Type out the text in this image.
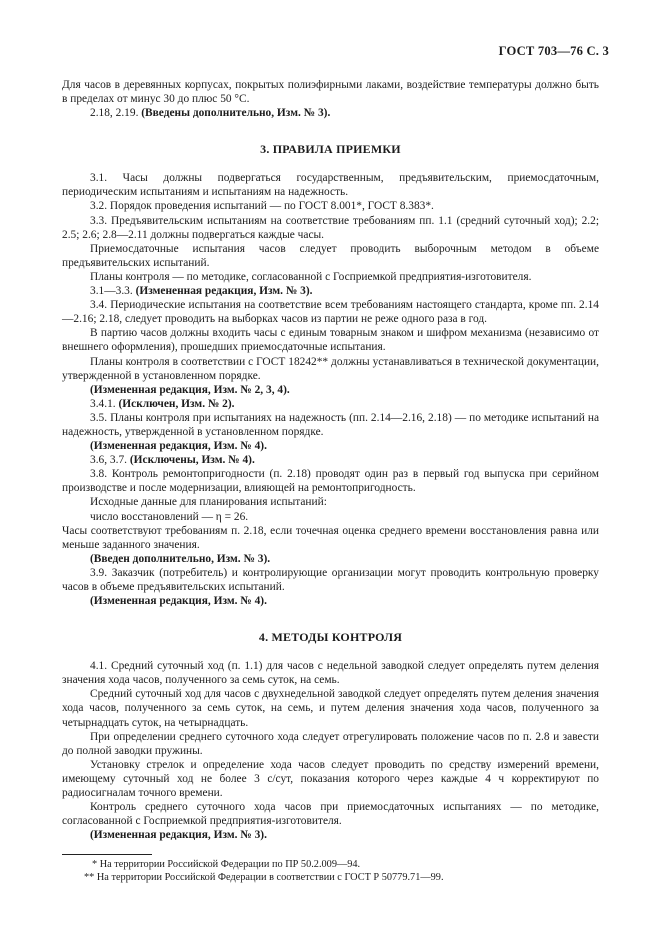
ГОСТ 703—76 С. 3

Для часов в деревянных корпусах, покрытых полиэфирными лаками, воздействие температуры должно быть в пределах от минус 30 до плюс 50 °С.

2.18, 2.19. (Введены дополнительно, Изм. № 3).

3. ПРАВИЛА ПРИЕМКИ

3.1. Часы должны подвергаться государственным, предъявительским, приемосдаточным, периодическим испытаниям и испытаниям на надежность.

3.2. Порядок проведения испытаний — по ГОСТ 8.001*, ГОСТ 8.383*.

3.3. Предъявительским испытаниям на соответствие требованиям пп. 1.1 (средний суточный ход); 2.2; 2.5; 2.6; 2.8—2.11 должны подвергаться каждые часы.

Приемосдаточные испытания часов следует проводить выборочным методом в объеме предъявительских испытаний.

Планы контроля — по методике, согласованной с Госприемкой предприятия-изготовителя.

3.1—3.3. (Измененная редакция, Изм. № 3).

3.4. Периодические испытания на соответствие всем требованиям настоящего стандарта, кроме пп. 2.14—2.16; 2.18, следует проводить на выборках часов из партии не реже одного раза в год.

В партию часов должны входить часы с единым товарным знаком и шифром механизма (независимо от внешнего оформления), прошедших приемосдаточные испытания.

Планы контроля в соответствии с ГОСТ 18242** должны устанавливаться в технической документации, утвержденной в установленном порядке.

(Измененная редакция, Изм. № 2, 3, 4).

3.4.1. (Исключен, Изм. № 2).

3.5. Планы контроля при испытаниях на надежность (пп. 2.14—2.16, 2.18) — по методике испытаний на надежность, утвержденной в установленном порядке.

(Измененная редакция, Изм. № 4).

3.6, 3.7. (Исключены, Изм. № 4).

3.8. Контроль ремонтопригодности (п. 2.18) проводят один раз в первый год выпуска при серийном производстве и после модернизации, влияющей на ремонтопригодность.

Исходные данные для планирования испытаний:

число восстановлений — η = 26.

Часы соответствуют требованиям п. 2.18, если точечная оценка среднего времени восстановления равна или меньше заданного значения.

(Введен дополнительно, Изм. № 3).

3.9. Заказчик (потребитель) и контролирующие организации могут проводить контрольную проверку часов в объеме предъявительских испытаний.

(Измененная редакция, Изм. № 4).

4. МЕТОДЫ КОНТРОЛЯ

4.1. Средний суточный ход (п. 1.1) для часов с недельной заводкой следует определять путем деления значения хода часов, полученного за семь суток, на семь.

Средний суточный ход для часов с двухнедельной заводкой следует определять путем деления значения хода часов, полученного за семь суток, на семь, и путем деления значения хода часов, полученного за четырнадцать суток, на четырнадцать.

При определении среднего суточного хода следует отрегулировать положение часов по п. 2.8 и завести до полной заводки пружины.

Установку стрелок и определение хода часов следует проводить по средству измерений времени, имеющему суточный ход не более 3 с/сут, показания которого через каждые 4 ч корректируют по радиосигналам точного времени.

Контроль среднего суточного хода часов при приемосдаточных испытаниях — по методике, согласованной с Госприемкой предприятия-изготовителя.

(Измененная редакция, Изм. № 3).

* На территории Российской Федерации по ПР 50.2.009—94.

** На территории Российской Федерации в соответствии с ГОСТ Р 50779.71—99.
